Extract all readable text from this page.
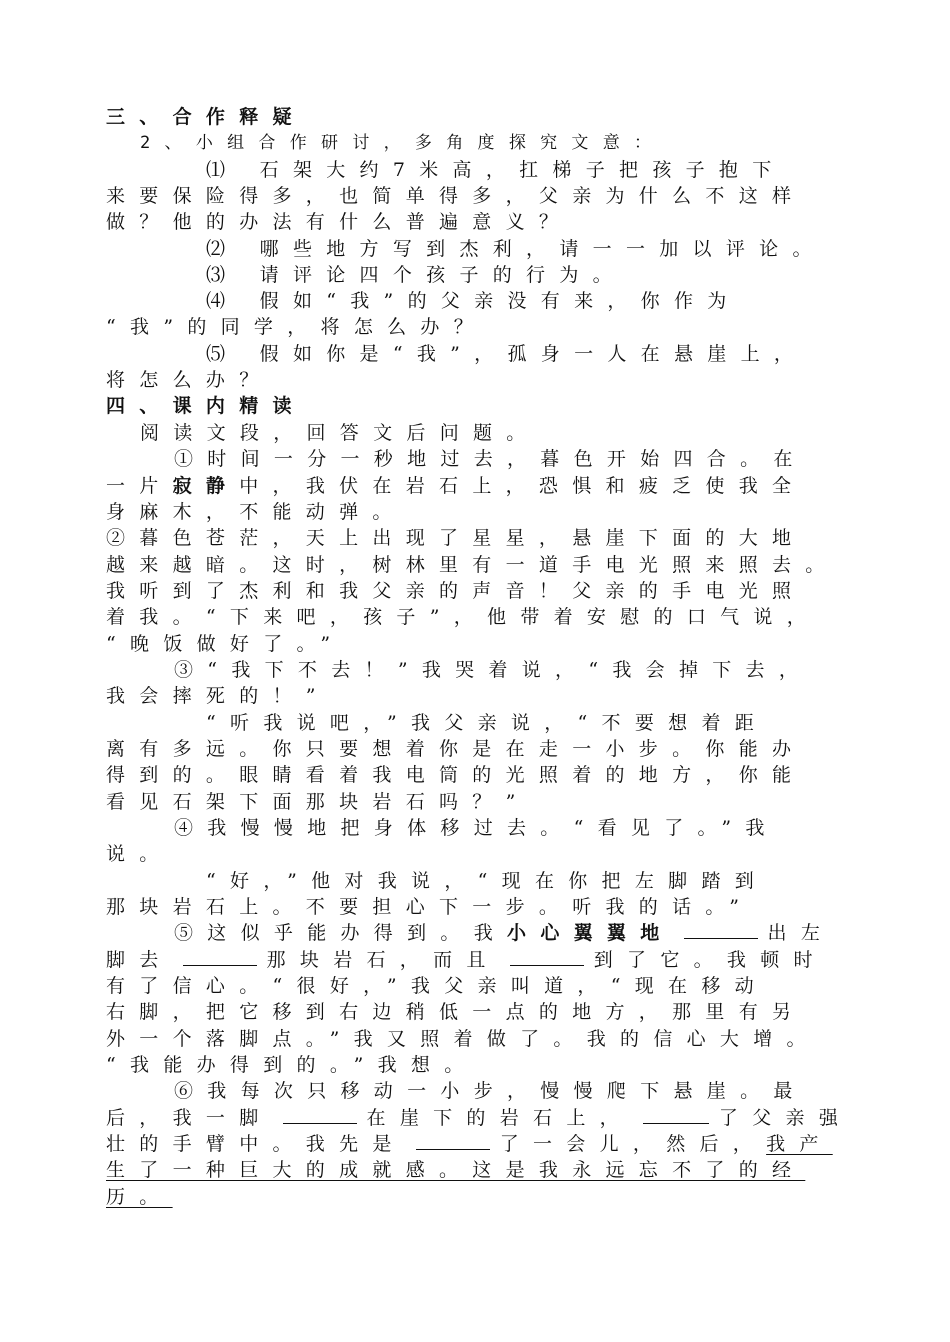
三、合作释疑
2、小组合作研讨，多角度探究文意：
⑴ 石架大约7米高，扛梯子把孩子抱下
来要保险得多，也简单得多，父亲为什么不这样
做？他的办法有什么普遍意义？
⑵ 哪些地方写到杰利，请一一加以评论。
⑶ 请评论四个孩子的行为。
⑷ 假如“我”的父亲没有来，你作为
“我”的同学，将怎么办？
⑸ 假如你是“我”，孤身一人在悬崖上，
将怎么办？
四、课内精读
阅读文段，回答文后问题。
①时间一分一秒地过去，暮色开始四合。在
一片寂静中，我伏在岩石上，恐惧和疲乏使我全
身麻木，不能动弹。
②暮色苍茫，天上出现了星星，悬崖下面的大地
越来越暗。这时，树林里有一道手电光照来照去。
我听到了杰利和我父亲的声音！父亲的手电光照
着我。“下来吧，孩子”，他带着安慰的口气说，
“晚饭做好了。”
③“我下不去！”我哭着说，“我会掉下去，
我会摔死的！”
“听我说吧，”我父亲说，“不要想着距
离有多远。你只要想着你是在走一小步。你能办
得到的。眼睛看着我电筒的光照着的地方，你能
看见石架下面那块岩石吗？”
④我慢慢地把身体移过去。“看见了。”我
说。
“好，”他对我说，“现在你把左脚踏到
那块岩石上。不要担心下一步。听我的话。”
⑤这似乎能办得到。我小心翼翼地	出左
脚去	那块岩石，而且	到了它。我顿时
有了信心。“很好，”我父亲叫道，“现在移动
右脚，把它移到右边稍低一点的地方，那里有另
外一个落脚点。”我又照着做了。我的信心大增。
“我能办得到的。”我想。
⑥我每次只移动一小步，慢慢爬下悬崖。最
后，我一脚	在崖下的岩石上，	了父亲强
壮的手臂中。我先是	了一会儿，然后，我产
生了一种巨大的成就感。这是我永远忘不了的经
历。
